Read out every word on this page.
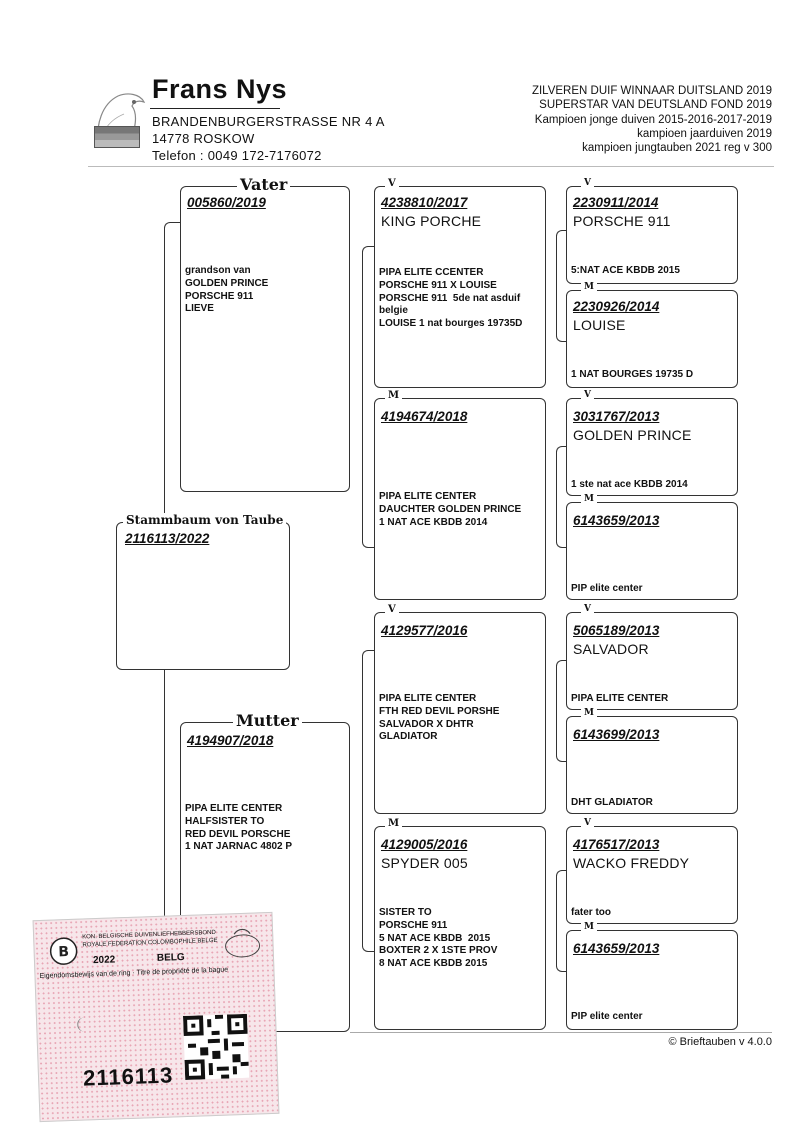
Frans Nys
BRANDENBURGERSTRASSE NR 4 A
14778 ROSKOW
Telefon : 0049 172-7176072
ZILVEREN DUIF WINNAAR DUITSLAND 2019
SUPERSTAR VAN DEUTSLAND FOND 2019
Kampioen jonge duiven 2015-2016-2017-2019
kampioen jaarduiven 2019
kampioen jungtauben 2021 reg v 300
Stammbaum von Taube
2116113/2022
Vater
005860/2019
grandson van
GOLDEN PRINCE
PORSCHE 911
LIEVE
Mutter
4194907/2018
PIPA ELITE CENTER
HALFSISTER TO
RED DEVIL PORSCHE
1 NAT JARNAC 4802 P
V
4238810/2017
KING PORCHE
PIPA ELITE CCENTER
PORSCHE 911 X LOUISE
PORSCHE 911  5de nat asduif
belgie
LOUISE 1 nat bourges 19735D
M
4194674/2018
PIPA ELITE CENTER
DAUCHTER GOLDEN PRINCE
1 NAT ACE KBDB 2014
V
4129577/2016
PIPA ELITE CENTER
FTH RED DEVIL PORSHE
SALVADOR X DHTR
GLADIATOR
M
4129005/2016
SPYDER 005
SISTER TO
PORSCHE 911
5 NAT ACE KBDB  2015
BOXTER 2 X 1STE PROV
8 NAT ACE KBDB 2015
V
2230911/2014
PORSCHE 911
5:NAT ACE KBDB 2015
M
2230926/2014
LOUISE
1 NAT BOURGES 19735 D
V
3031767/2013
GOLDEN PRINCE
1 ste nat ace KBDB 2014
M
6143659/2013
PIP elite center
V
5065189/2013
SALVADOR
PIPA ELITE CENTER
M
6143699/2013
DHT GLADIATOR
V
4176517/2013
WACKO FREDDY
fater too
M
6143659/2013
PIP elite center
© Brieftauben v 4.0.0
B
KON. BELGISCHE DUIVENLIEFHEBBERSBOND
ROYALE FEDERATION COLOMBOPHILE BELGE
2022	BELG
Eigendomsbewijs van de ring · Titre de propriété de la bague
2116113
